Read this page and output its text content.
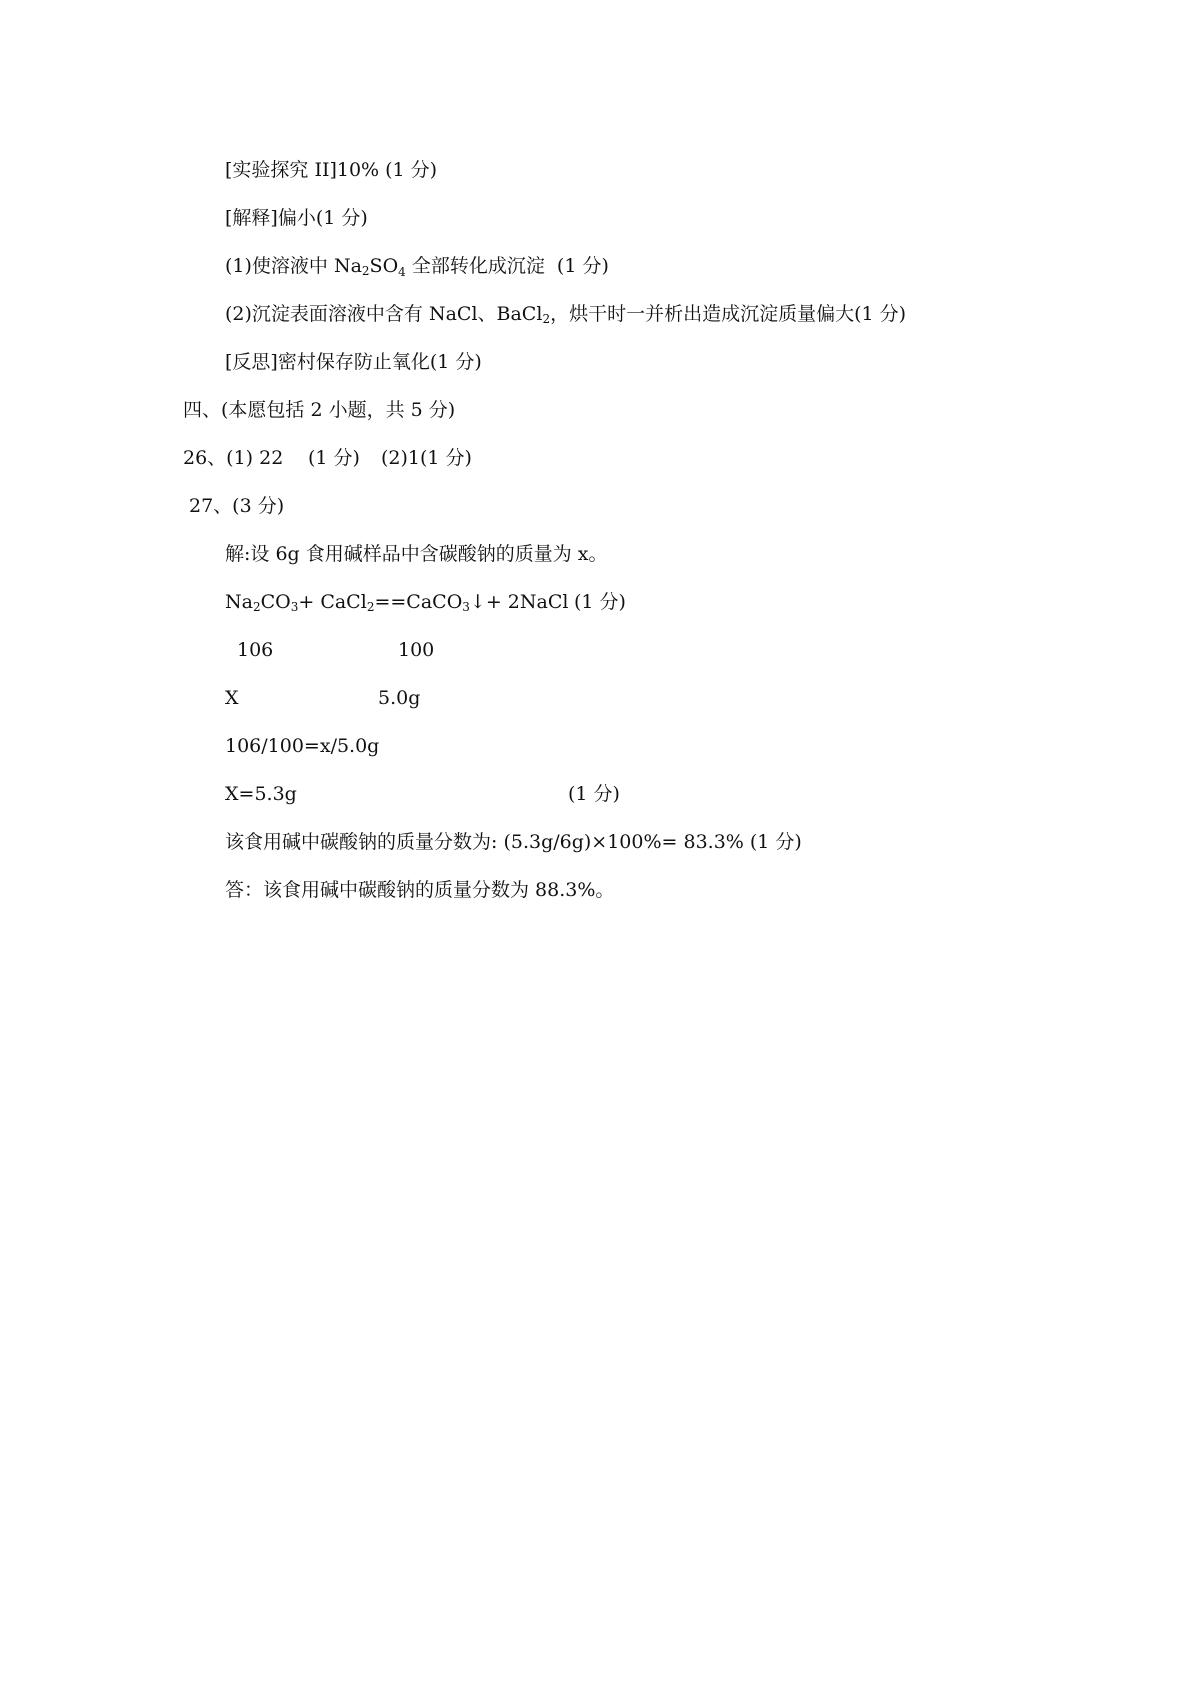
[实验探究 II]10% (1 分)
[解释]偏小(1 分)
(1)使溶液中 $Na_2SO_4$ 全部转化成沉淀  (1 分)
(2)沉淀表面溶液中含有 NaCl、BaCl$_2$，烘干时一并析出造成沉淀质量偏大(1 分)
[反思]密村保存防止氧化(1 分)
四、(本愿包括 2 小题，共 5 分)
26、(1) 22 (1 分) (2)1(1 分)
27、(3 分)
解:设 6g 食用碱样品中含碳酸钠的质量为 x。
$Na_2CO_3+$ CaCl$_2$==CaCO$_3$↓+ 2NaCl (1 分)
106	100
X	5.0g
106/100=x/5.0g
X=5.3g	(1 分)
该食用碱中碳酸钠的质量分数为: (5.3g/6g)×100%= 83.3% (1 分)
答：该食用碱中碳酸钠的质量分数为 88.3%。
